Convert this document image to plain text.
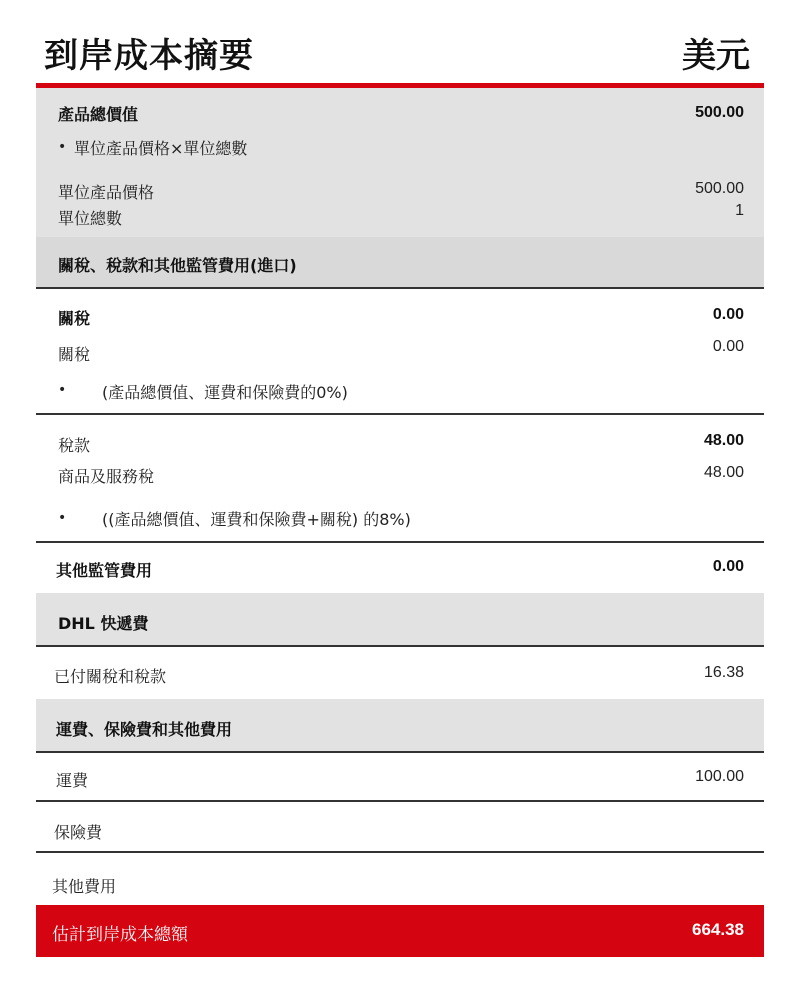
到岸成本摘要	美元
產品總價值	500.00
• 單位產品價格×單位總數
單位產品價格	500.00
單位總數	1
關稅、稅款和其他監管費用(進口)
關稅	0.00
關稅	0.00
• (產品總價值、運費和保險費的0%)
稅款	48.00
商品及服務稅	48.00
• ((產品總價值、運費和保險費+關稅) 的8%)
其他監管費用	0.00
DHL 快遞費
已付關稅和稅款	16.38
運費、保險費和其他費用
運費	100.00
保險費
其他費用
估計到岸成本總額	664.38
